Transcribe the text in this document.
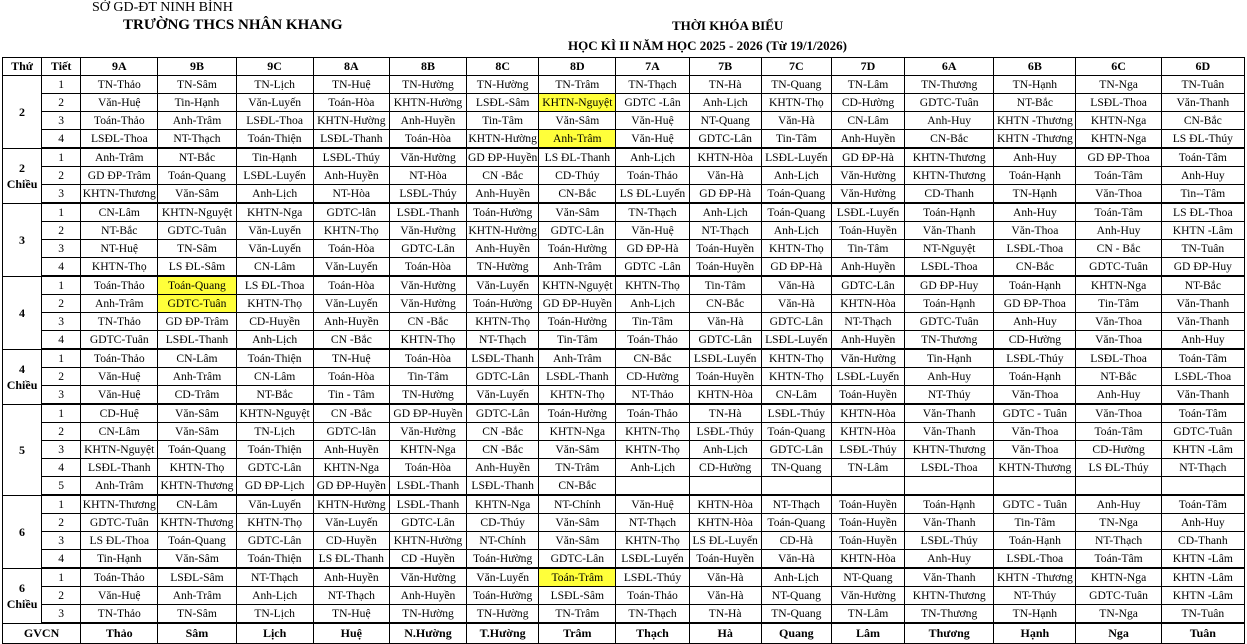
SỞ GD-ĐT NINH BÌNH
TRƯỜNG THCS NHÂN KHANG	THỜI KHÓA BIỂU
HỌC KÌ II NĂM HỌC 2025 - 2026 (Từ 19/1/2026)
Thứ	Tiết	9A	9B	9C	8A	8B	8C	8D	7A	7B	7C	7D	6A	6B	6C	6D

2	1	TN-Thảo	TN-Sâm	TN-Lịch	TN-Huệ	TN-Hường	TN-Hường	TN-Trâm	TN-Thạch	TN-Hà	TN-Quang	TN-Lâm	TN-Thương	TN-Hạnh	TN-Nga	TN-Tuân
	2	Văn-Huệ	Tin-Hạnh	Văn-Luyến	Toán-Hòa	KHTN-Hường	LSĐL-Sâm	KHTN-Nguyệt	GDTC -Lân	Anh-Lịch	KHTN-Thọ	CD-Hường	GDTC-Tuân	NT-Bắc	LSĐL-Thoa	Văn-Thanh
	3	Toán-Thảo	Anh-Trâm	LSĐL-Thoa	KHTN-Hường	Anh-Huyền	Tin-Tâm	Văn-Sâm	Văn-Huệ	NT-Quang	Văn-Hà	CN-Lâm	Anh-Huy	KHTN -Thương	KHTN-Nga	CN-Bắc
	4	LSĐL-Thoa	NT-Thạch	Toán-Thiện	LSĐL-Thanh	Toán-Hòa	KHTN-Hường	Anh-Trâm	Văn-Huệ	GDTC-Lân	Tin-Tâm	Anh-Huyền	CN-Bắc	KHTN -Thương	KHTN-Nga	LS ĐL-Thúy

2
Chiều	1	Anh-Trâm	NT-Bắc	Tin-Hạnh	LSĐL-Thúy	Văn-Hường	GD ĐP-Huyền	LS ĐL-Thanh	Anh-Lịch	KHTN-Hòa	LSĐL-Luyến	GD ĐP-Hà	KHTN-Thương	Anh-Huy	GD ĐP-Thoa	Toán-Tâm
	2	GD ĐP-Trâm	Toán-Quang	LSĐL-Luyến	Anh-Huyền	NT-Hòa	CN -Bắc	CD-Thúy	Toán-Thảo	Văn-Hà	Anh-Lịch	Văn-Hường	KHTN-Thương	Toán-Hạnh	Toán-Tâm	Anh-Huy
	3	KHTN-Thương	Văn-Sâm	Anh-Lịch	NT-Hòa	LSĐL-Thúy	Anh-Huyền	CN-Bắc	LS ĐL-Luyến	GD ĐP-Hà	Toán-Quang	Văn-Hường	CD-Thanh	TN-Hạnh	Văn-Thoa	Tin--Tâm

3	1	CN-Lâm	KHTN-Nguyệt	KHTN-Nga	GDTC-lân	LSĐL-Thanh	Toán-Hường	Văn-Sâm	TN-Thạch	Anh-Lịch	Toán-Quang	LSĐL-Luyến	Toán-Hạnh	Anh-Huy	Toán-Tâm	LS ĐL-Thoa
	2	NT-Bắc	GDTC-Tuân	Văn-Luyến	KHTN-Thọ	Văn-Hường	KHTN-Hường	GDTC-Lân	Văn-Huệ	NT-Thạch	Anh-Lịch	Toán-Huyền	Văn-Thanh	Văn-Thoa	Anh-Huy	KHTN -Lâm
	3	NT-Huệ	TN-Sâm	Văn-Luyến	Toán-Hòa	GDTC-Lân	Anh-Huyền	Toán-Hường	GD ĐP-Hà	Toán-Huyền	KHTN-Thọ	Tin-Tâm	NT-Nguyệt	LSĐL-Thoa	CN - Bắc	TN-Tuân
	4	KHTN-Thọ	LS ĐL-Sâm	CN-Lâm	Văn-Luyến	Toán-Hòa	TN-Hường	Anh-Trâm	GDTC -Lân	Toán-Huyền	GD ĐP-Hà	Anh-Huyền	LSĐL-Thoa	CN-Bắc	GDTC-Tuân	GD ĐP-Huy

4	1	Toán-Thảo	Toán-Quang	LS ĐL-Thoa	Toán-Hòa	Văn-Hường	Văn-Luyến	KHTN-Nguyệt	KHTN-Thọ	Tin-Tâm	Văn-Hà	GDTC-Lân	GD ĐP-Huy	Toán-Hạnh	KHTN-Nga	NT-Bắc
	2	Anh-Trâm	GDTC-Tuân	KHTN-Thọ	Văn-Luyến	Văn-Hường	Toán-Hường	GD ĐP-Huyền	Anh-Lịch	CN-Bắc	Văn-Hà	KHTN-Hòa	Toán-Hạnh	GD ĐP-Thoa	Tin-Tâm	Văn-Thanh
	3	TN-Thảo	GD ĐP-Trâm	CD-Huyền	Anh-Huyền	CN -Bắc	KHTN-Thọ	Toán-Hường	Tin-Tâm	Văn-Hà	GDTC-Lân	NT-Thạch	GDTC-Tuân	Anh-Huy	Văn-Thoa	Văn-Thanh
	4	GDTC-Tuân	LSĐL-Thanh	Anh-Lịch	CN -Bắc	KHTN-Thọ	NT-Thạch	Tin-Tâm	Toán-Thảo	GDTC-Lân	LSĐL-Luyến	Anh-Huyền	TN-Thương	CD-Hường	Văn-Thoa	Anh-Huy

4
Chiều	1	Toán-Thảo	CN-Lâm	Toán-Thiện	TN-Huệ	Toán-Hòa	LSĐL-Thanh	Anh-Trâm	CN-Bắc	LSĐL-Luyến	KHTN-Thọ	Văn-Hường	Tin-Hạnh	LSĐL-Thúy	LSĐL-Thoa	Toán-Tâm
	2	Văn-Huệ	Anh-Trâm	CN-Lâm	Toán-Hòa	Tin-Tâm	GDTC-Lân	LSĐL-Thanh	CD-Hường	Toán-Huyền	KHTN-Thọ	LSĐL-Luyến	Anh-Huy	Toán-Hạnh	NT-Bắc	LSĐL-Thoa
	3	Văn-Huệ	CD-Trâm	NT-Bắc	Tin - Tâm	TN-Hường	Văn-Luyến	KHTN-Thọ	NT-Thảo	KHTN-Hòa	CN-Lâm	Toán-Huyền	NT-Thúy	Văn-Thoa	Anh-Huy	Văn-Thanh

5	1	CD-Huệ	Văn-Sâm	KHTN-Nguyệt	CN -Bắc	GD ĐP-Huyền	GDTC-Lân	Toán-Hường	Toán-Thảo	TN-Hà	LSĐL-Thúy	KHTN-Hòa	Văn-Thanh	GDTC - Tuân	Văn-Thoa	Toán-Tâm
	2	CN-Lâm	Văn-Sâm	TN-Lịch	GDTC-lân	Văn-Hường	CN -Bắc	KHTN-Nga	KHTN-Thọ	LSĐL-Thúy	Toán-Quang	KHTN-Hòa	Văn-Thanh	Văn-Thoa	Toán-Tâm	GDTC-Tuân
	3	KHTN-Nguyệt	Toán-Quang	Toán-Thiện	Anh-Huyền	KHTN-Nga	CN -Bắc	Văn-Sâm	KHTN-Thọ	Anh-Lịch	GDTC-Lân	LSĐL-Thúy	KHTN-Thương	Văn-Thoa	CD-Hường	KHTN -Lâm
	4	LSĐL-Thanh	KHTN-Thọ	GDTC-Lân	KHTN-Nga	Toán-Hòa	Anh-Huyền	TN-Trâm	Anh-Lịch	CD-Hường	TN-Quang	TN-Lâm	LSĐL-Thoa	KHTN-Thương	LS ĐL-Thúy	NT-Thạch
	5	Anh-Trâm	KHTN-Thương	GD ĐP-Lịch	GD ĐP-Huyền	LSĐL-Thanh	LSĐL-Thanh	CN-Bắc								

6	1	KHTN-Thương	CN-Lâm	Văn-Luyến	KHTN-Hường	LSĐL-Thanh	KHTN-Nga	NT-Chính	Văn-Huệ	KHTN-Hòa	NT-Thạch	Toán-Huyền	Toán-Hạnh	GDTC - Tuân	Anh-Huy	Toán-Tâm
	2	GDTC-Tuân	KHTN-Thương	KHTN-Thọ	Văn-Luyến	GDTC-Lân	CD-Thúy	Văn-Sâm	NT-Thạch	KHTN-Hòa	Toán-Quang	Toán-Huyền	Văn-Thanh	Tin-Tâm	TN-Nga	Anh-Huy
	3	LS ĐL-Thoa	Toán-Quang	GDTC-Lân	CD-Huyền	KHTN-Hường	NT-Chính	Văn-Sâm	KHTN-Thọ	LS ĐL-Luyến	CD-Hà	Toán-Huyền	LSĐL-Thúy	Toán-Hạnh	NT-Thạch	CD-Thanh
	4	Tin-Hạnh	Văn-Sâm	Toán-Thiện	LS ĐL-Thanh	CD -Huyền	Toán-Hường	GDTC-Lân	LSĐL-Luyến	Toán-Huyền	Văn-Hà	KHTN-Hòa	Anh-Huy	LSĐL-Thoa	Toán-Tâm	KHTN -Lâm

6
Chiều	1	Toán-Thảo	LSĐL-Sâm	NT-Thạch	Anh-Huyền	Văn-Hường	Văn-Luyến	Toán-Trâm	LSĐL-Thúy	Văn-Hà	Anh-Lịch	NT-Quang	Văn-Thanh	KHTN -Thương	KHTN-Nga	KHTN -Lâm
	2	Văn-Huệ	Anh-Trâm	Anh-Lịch	NT-Thạch	Anh-Huyền	Toán-Hường	LSĐL-Sâm	Toán-Thảo	Văn-Hà	NT-Quang	Văn-Hường	KHTN-Thương	NT-Thúy	GDTC-Tuân	KHTN -Lâm
	3	TN-Thảo	TN-Sâm	TN-Lịch	TN-Huệ	TN-Hường	TN-Hường	TN-Trâm	TN-Thạch	TN-Hà	TN-Quang	TN-Lâm	TN-Thương	TN-Hạnh	TN-Nga	TN-Tuân
GVCN		Thảo	Sâm	Lịch	Huệ	N.Hường	T.Hường	Trâm	Thạch	Hà	Quang	Lâm	Thương	Hạnh	Nga	Tuân
